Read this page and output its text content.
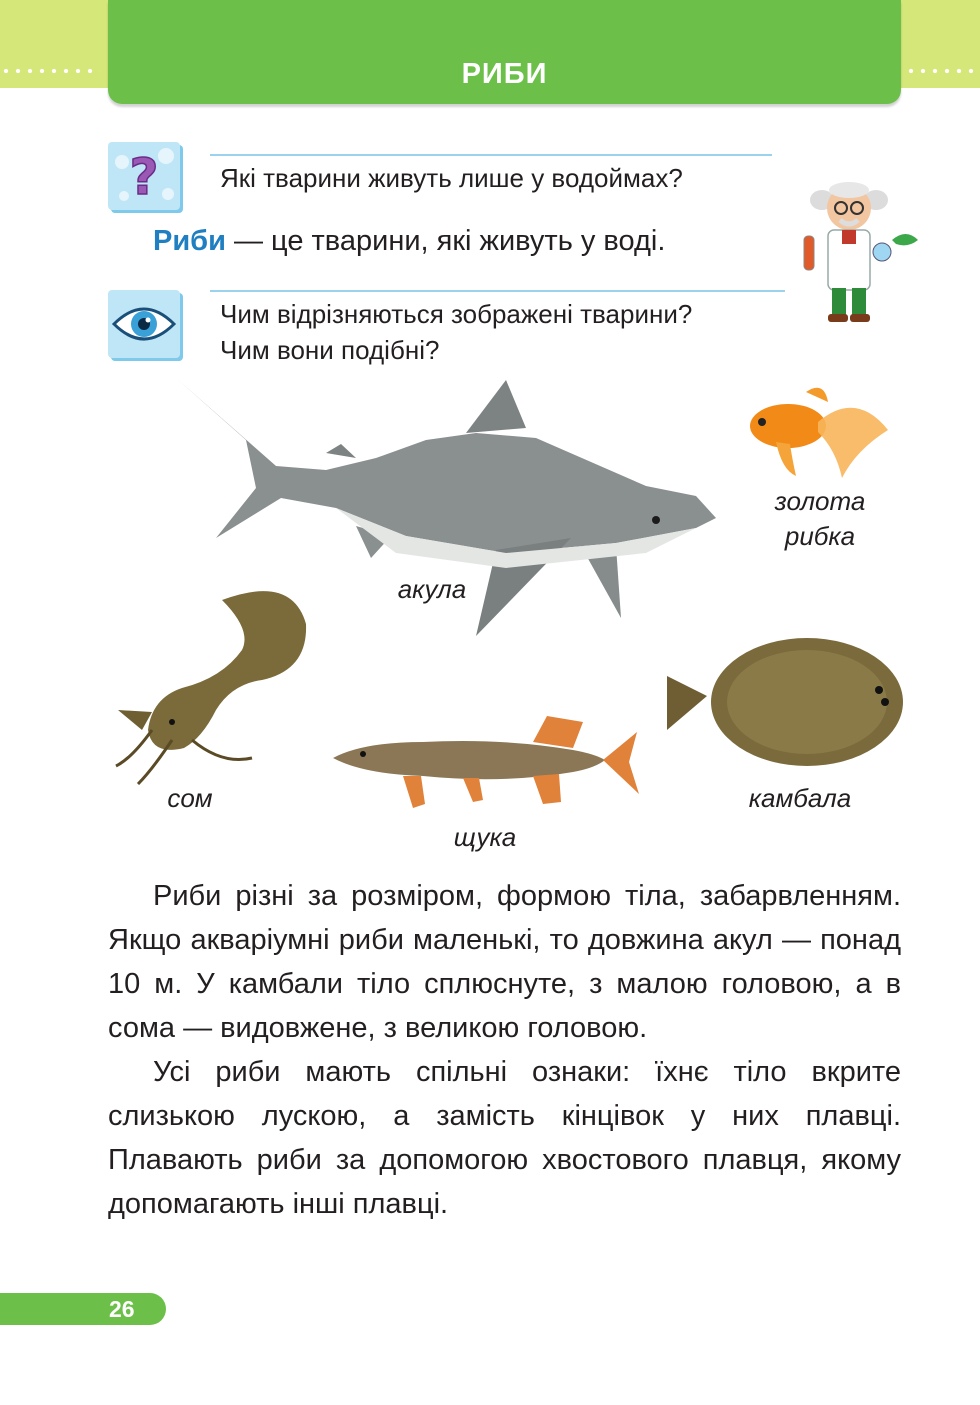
РИБИ
? Які тварини живуть лише у водоймах?
Риби — це тварини, які живуть у воді.
Чим відрізняються зображені тварини?
Чим вони подібні?
акула
золота
рибка
сом
щука
камбала

Риби різні за розміром, формою тіла, забарвленням. Якщо акваріумні риби маленькі, то довжина акул — понад 10 м. У камбали тіло сплюснуте, з малою головою, а в сома — видовжене, з великою головою.

Усі риби мають спільні ознаки: їхнє тіло вкрите слизькою лускою, а замість кінцівок у них плавці. Плавають риби за допомогою хвостового плавця, якому допомагають інші плавці.

26
